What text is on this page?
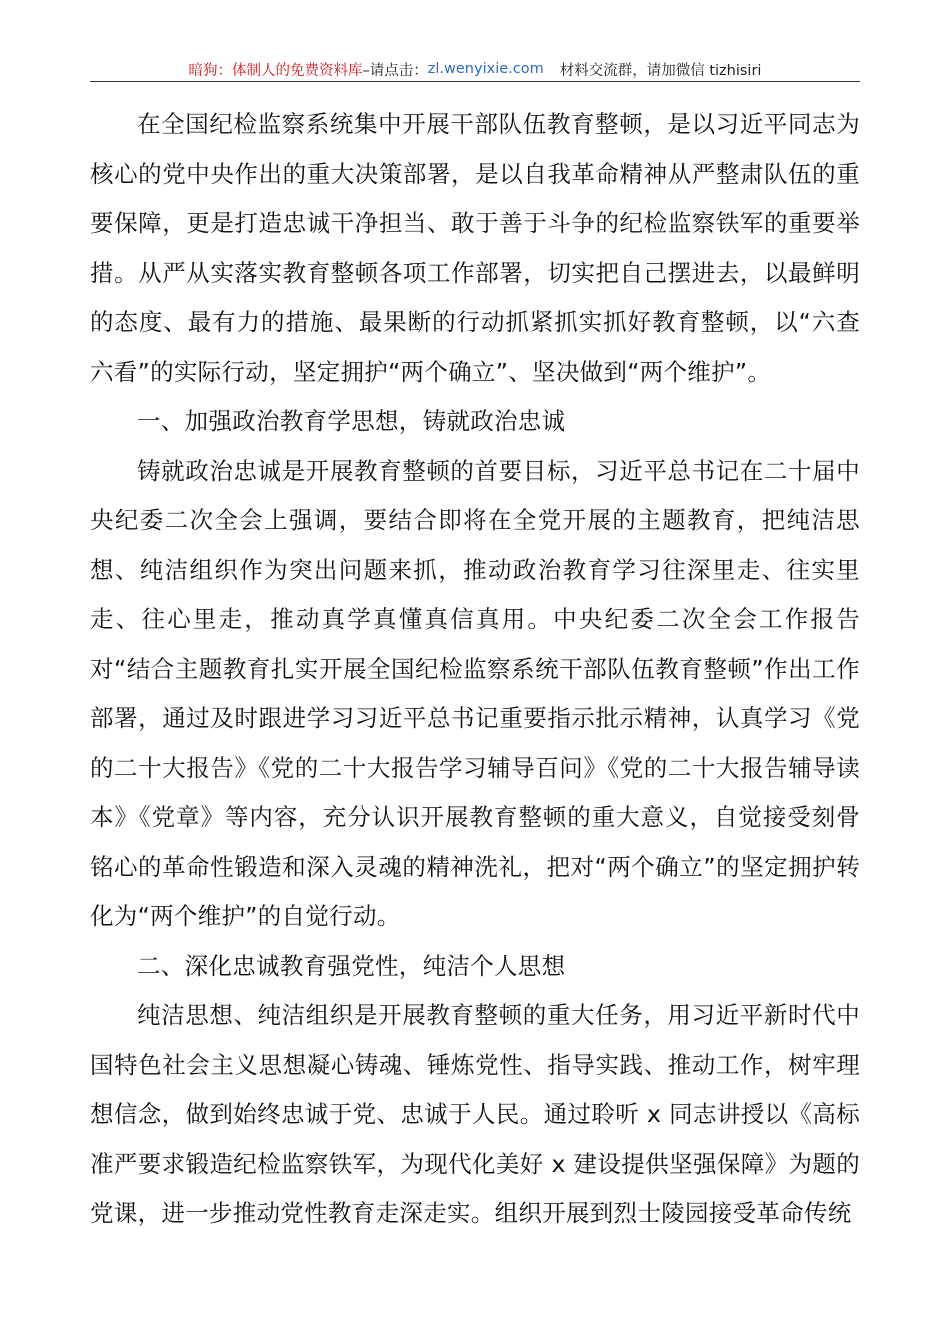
暗狗：体制人的免费资料库 –请点击： zl.wenyixie.com 材料交流群，请加微信 tizhisiri

在全国纪检监察系统集中开展干部队伍教育整顿，是以习近平同志为核心的党中央作出的重大决策部署，是以自我革命精神从严整肃队伍的重要保障，更是打造忠诚干净担当、敢于善于斗争的纪检监察铁军的重要举措。从严从实落实教育整顿各项工作部署，切实把自己摆进去，以最鲜明的态度、最有力的措施、最果断的行动抓紧抓实抓好教育整顿，以“六查六看”的实际行动，坚定拥护“两个确立”、坚决做到“两个维护”。

一、加强政治教育学思想，铸就政治忠诚

铸就政治忠诚是开展教育整顿的首要目标，习近平总书记在二十届中央纪委二次全会上强调，要结合即将在全党开展的主题教育，把纯洁思想、纯洁组织作为突出问题来抓，推动政治教育学习往深里走、往实里走、往心里走，推动真学真懂真信真用。中央纪委二次全会工作报告对“结合主题教育扎实开展全国纪检监察系统干部队伍教育整顿”作出工作部署，通过及时跟进学习习近平总书记重要指示批示精神，认真学习《党的二十大报告》《党的二十大报告学习辅导百问》《党的二十大报告辅导读本》《党章》等内容，充分认识开展教育整顿的重大意义，自觉接受刻骨铭心的革命性锻造和深入灵魂的精神洗礼，把对“两个确立”的坚定拥护转化为“两个维护”的自觉行动。

二、深化忠诚教育强党性，纯洁个人思想

纯洁思想、纯洁组织是开展教育整顿的重大任务，用习近平新时代中国特色社会主义思想凝心铸魂、锤炼党性、指导实践、推动工作，树牢理想信念，做到始终忠诚于党、忠诚于人民。通过聆听 x 同志讲授以《高标准严要求锻造纪检监察铁军，为现代化美好 x 建设提供坚强保障》为题的党课，进一步推动党性教育走深走实。组织开展到烈士陵园接受革命传统
